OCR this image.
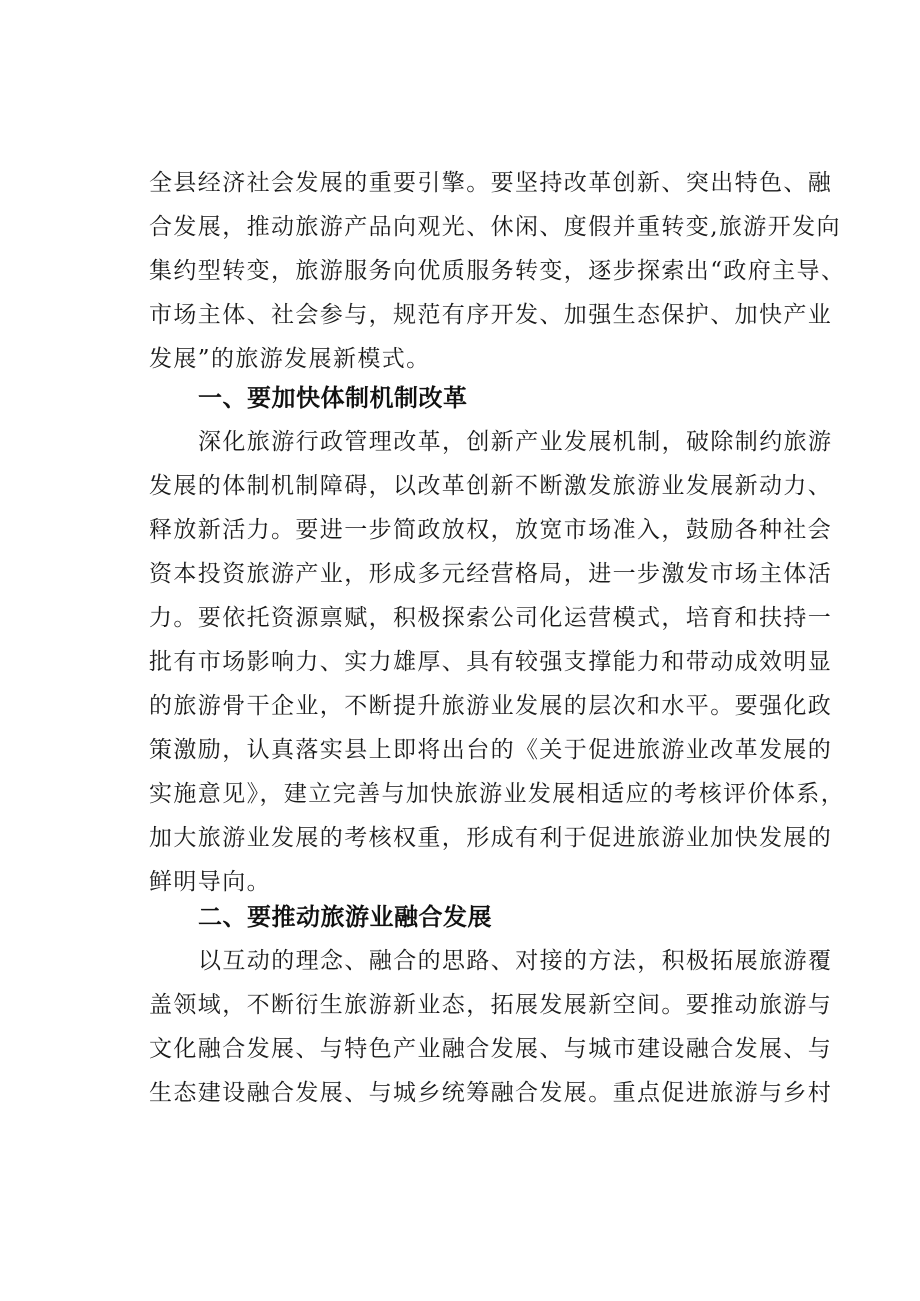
全县经济社会发展的重要引擎。要坚持改革创新、突出特色、融
合发展，推动旅游产品向观光、休闲、度假并重转变,旅游开发向
集约型转变，旅游服务向优质服务转变，逐步探索出“政府主导、
市场主体、社会参与，规范有序开发、加强生态保护、加快产业
发展”的旅游发展新模式。
一、要加快体制机制改革
深化旅游行政管理改革，创新产业发展机制，破除制约旅游
发展的体制机制障碍，以改革创新不断激发旅游业发展新动力、
释放新活力。要进一步简政放权，放宽市场准入，鼓励各种社会
资本投资旅游产业，形成多元经营格局，进一步激发市场主体活
力。要依托资源禀赋，积极探索公司化运营模式，培育和扶持一
批有市场影响力、实力雄厚、具有较强支撑能力和带动成效明显
的旅游骨干企业，不断提升旅游业发展的层次和水平。要强化政
策激励，认真落实县上即将出台的《关于促进旅游业改革发展的
实施意见》，建立完善与加快旅游业发展相适应的考核评价体系，
加大旅游业发展的考核权重，形成有利于促进旅游业加快发展的
鲜明导向。
二、要推动旅游业融合发展
以互动的理念、融合的思路、对接的方法，积极拓展旅游覆
盖领域，不断衍生旅游新业态，拓展发展新空间。要推动旅游与
文化融合发展、与特色产业融合发展、与城市建设融合发展、与
生态建设融合发展、与城乡统筹融合发展。重点促进旅游与乡村
